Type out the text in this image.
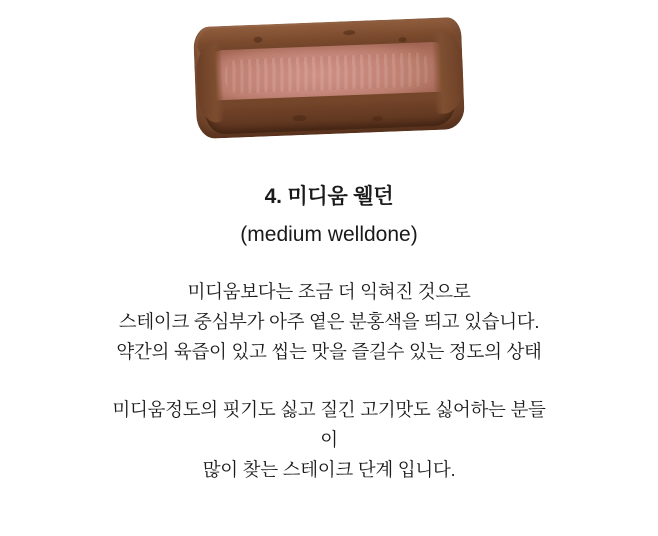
4. 미디움 웰던
(medium welldone)
미디움보다는 조금 더 익혀진 것으로
스테이크 중심부가 아주 옅은 분홍색을 띄고 있습니다.
약간의 육즙이 있고 씹는 맛을 즐길수 있는 정도의 상태
미디움정도의 핏기도 싫고 질긴 고기맛도 싫어하는 분들
이
많이 찾는 스테이크 단계 입니다.
